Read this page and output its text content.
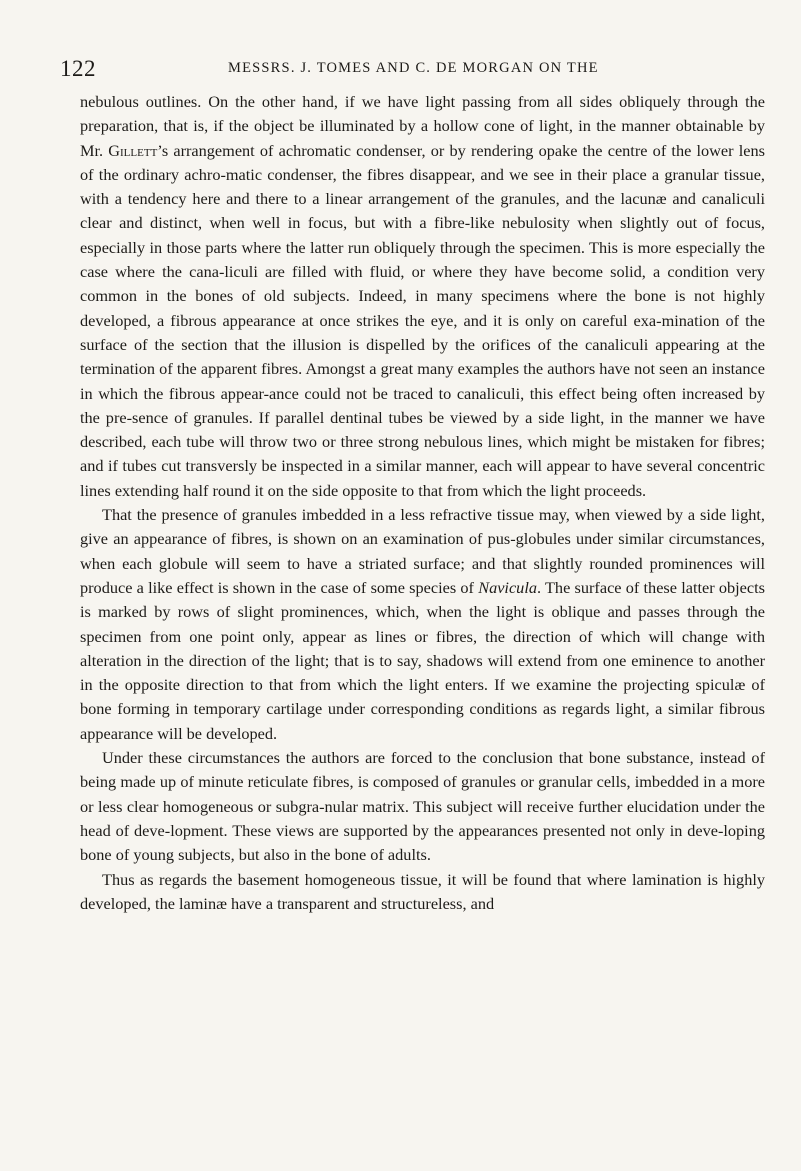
122	MESSRS. J. TOMES AND C. DE MORGAN ON THE

nebulous outlines. On the other hand, if we have light passing from all sides obliquely through the preparation, that is, if the object be illuminated by a hollow cone of light, in the manner obtainable by Mr. Gillett’s arrangement of achromatic condenser, or by rendering opake the centre of the lower lens of the ordinary achro-matic condenser, the fibres disappear, and we see in their place a granular tissue, with a tendency here and there to a linear arrangement of the granules, and the lacunæ and canaliculi clear and distinct, when well in focus, but with a fibre-like nebulosity when slightly out of focus, especially in those parts where the latter run obliquely through the specimen. This is more especially the case where the cana-liculi are filled with fluid, or where they have become solid, a condition very common in the bones of old subjects. Indeed, in many specimens where the bone is not highly developed, a fibrous appearance at once strikes the eye, and it is only on careful exa-mination of the surface of the section that the illusion is dispelled by the orifices of the canaliculi appearing at the termination of the apparent fibres. Amongst a great many examples the authors have not seen an instance in which the fibrous appear-ance could not be traced to canaliculi, this effect being often increased by the pre-sence of granules. If parallel dentinal tubes be viewed by a side light, in the manner we have described, each tube will throw two or three strong nebulous lines, which might be mistaken for fibres; and if tubes cut transversly be inspected in a similar manner, each will appear to have several concentric lines extending half round it on the side opposite to that from which the light proceeds.

That the presence of granules imbedded in a less refractive tissue may, when viewed by a side light, give an appearance of fibres, is shown on an examination of pus-globules under similar circumstances, when each globule will seem to have a striated surface; and that slightly rounded prominences will produce a like effect is shown in the case of some species of Navicula. The surface of these latter objects is marked by rows of slight prominences, which, when the light is oblique and passes through the specimen from one point only, appear as lines or fibres, the direction of which will change with alteration in the direction of the light; that is to say, shadows will extend from one eminence to another in the opposite direction to that from which the light enters. If we examine the projecting spiculæ of bone forming in temporary cartilage under corresponding conditions as regards light, a similar fibrous appearance will be developed.

Under these circumstances the authors are forced to the conclusion that bone substance, instead of being made up of minute reticulate fibres, is composed of granules or granular cells, imbedded in a more or less clear homogeneous or subgra-nular matrix. This subject will receive further elucidation under the head of deve-lopment. These views are supported by the appearances presented not only in deve-loping bone of young subjects, but also in the bone of adults.

Thus as regards the basement homogeneous tissue, it will be found that where lamination is highly developed, the laminæ have a transparent and structureless, and
